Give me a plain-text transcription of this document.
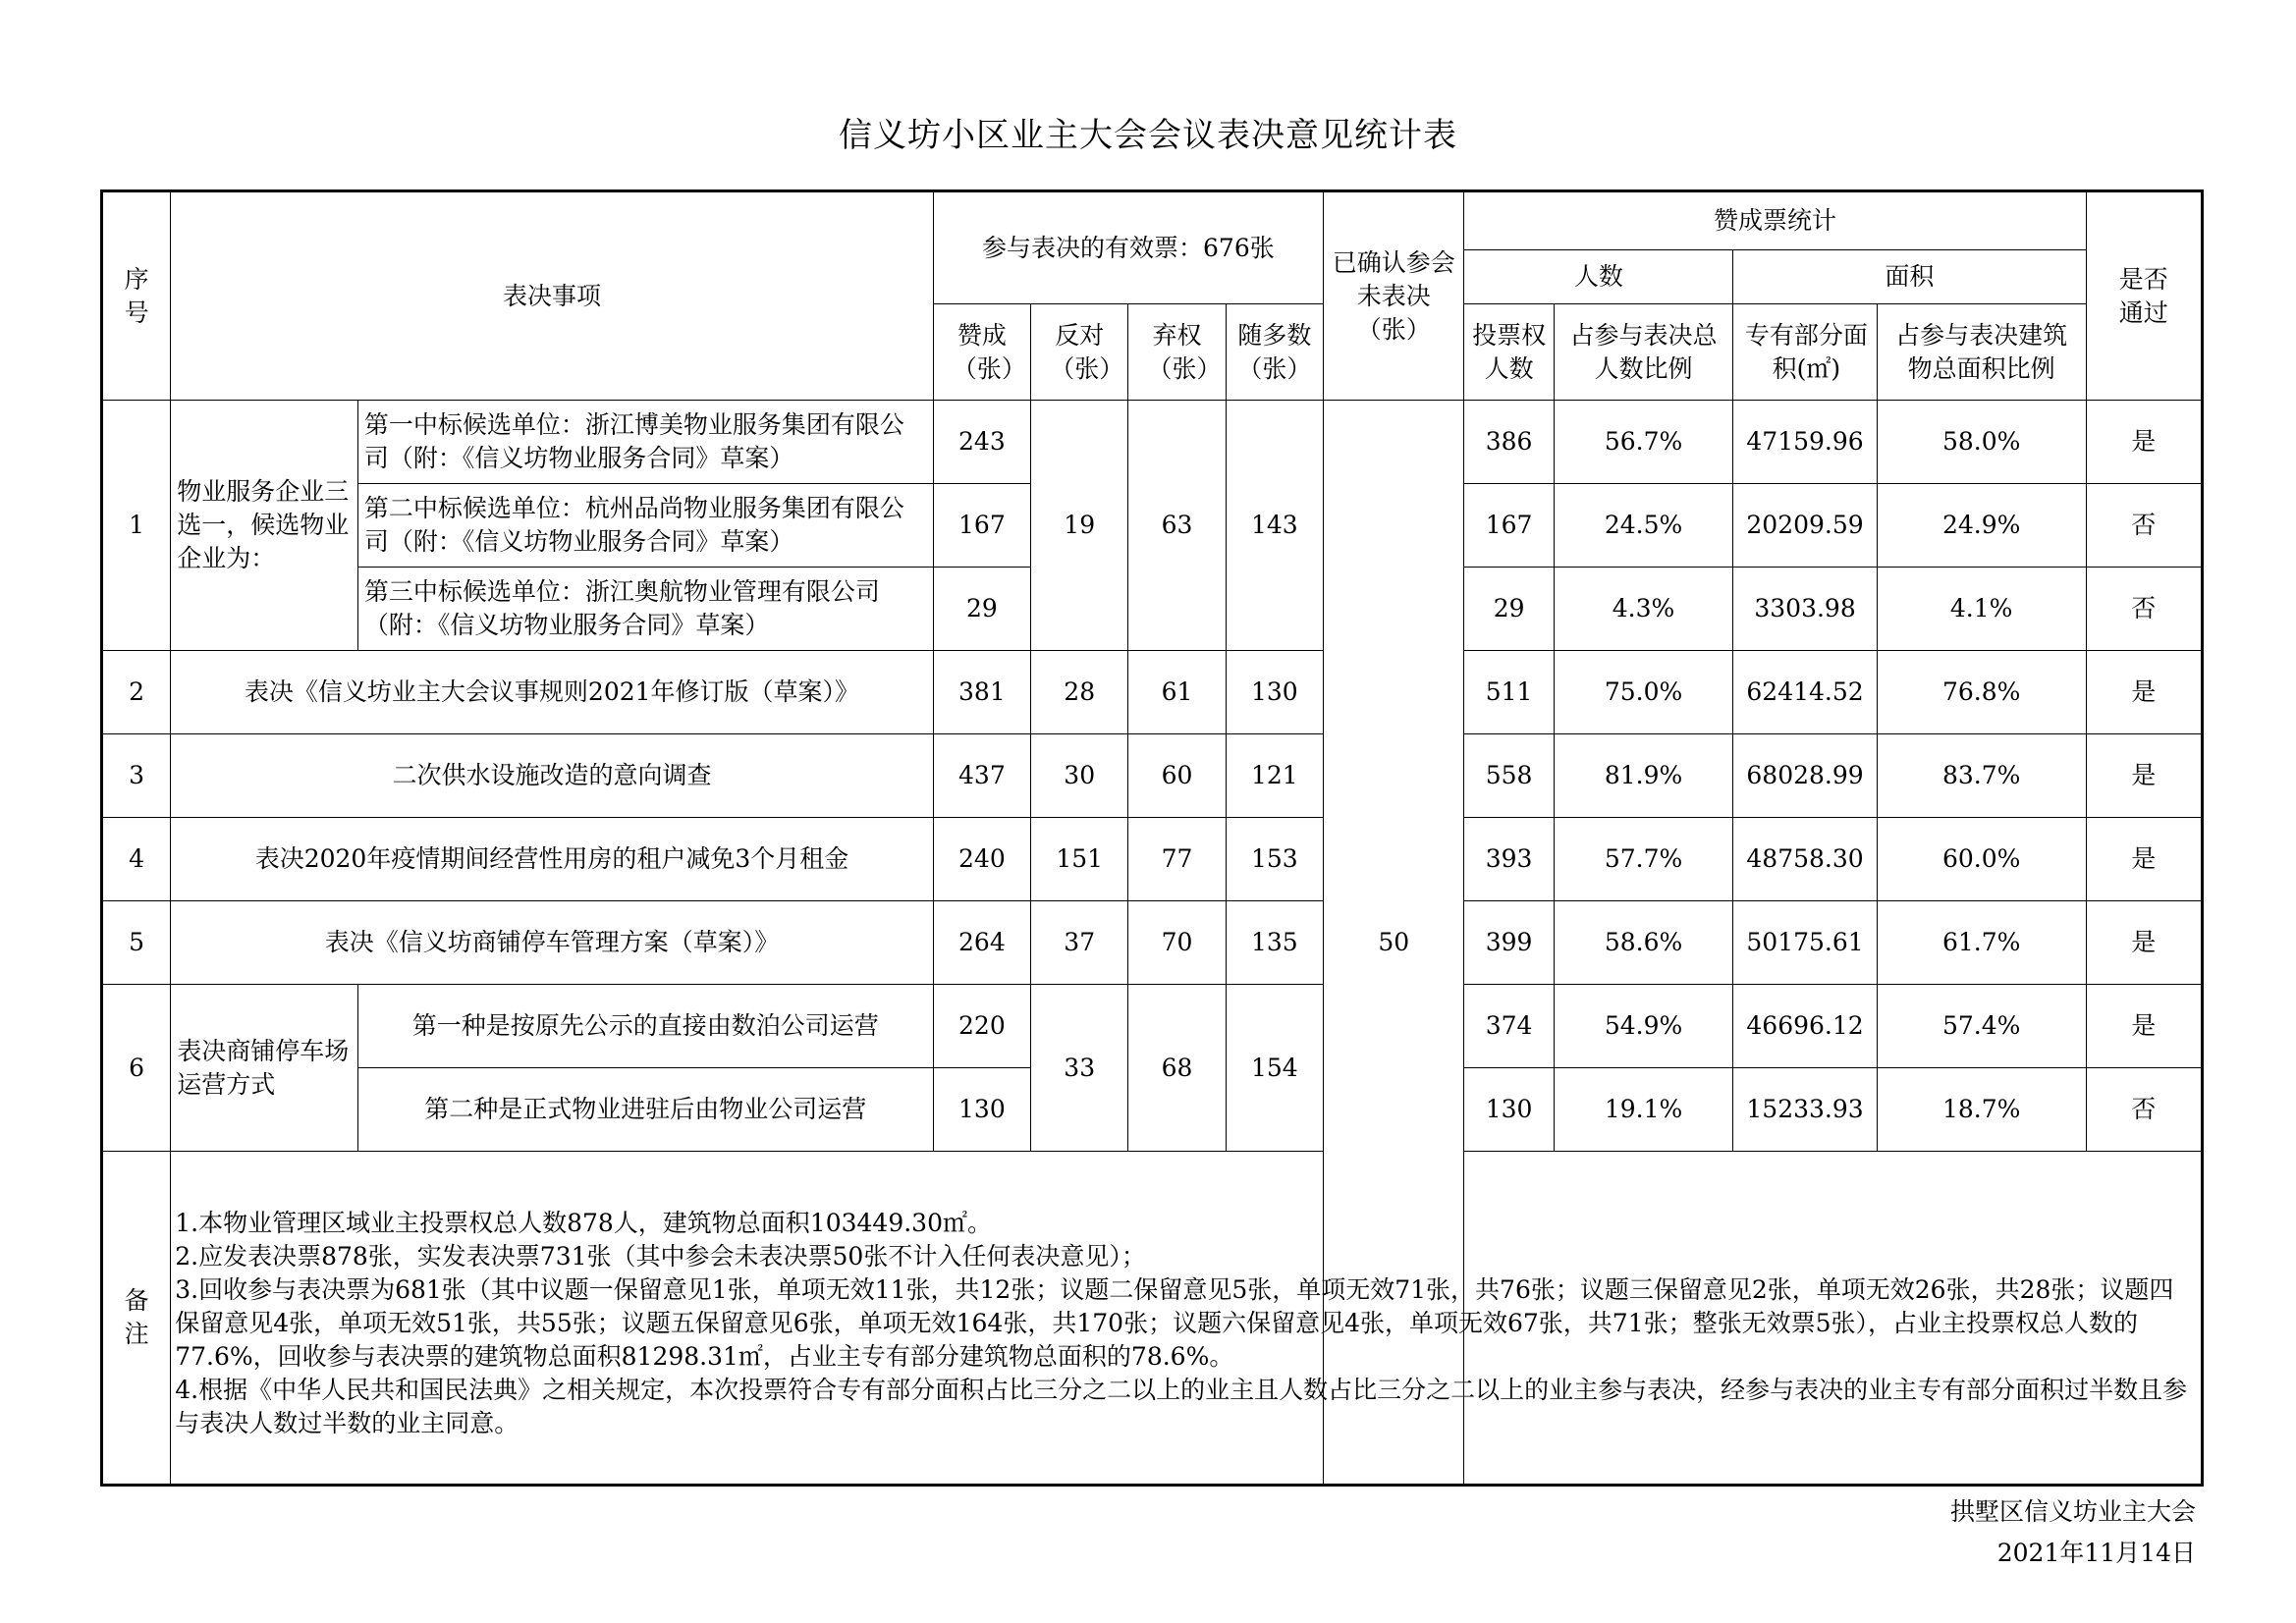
信义坊小区业主大会会议表决意见统计表
序号	表决事项		参与表决的有效票：676张				已确认参会未表决（张）	赞成票统计				是否通过
								人数		面积		
			赞成（张）	反对（张）	弃权（张）	随多数（张）		投票权人数	占参与表决总人数比例	专有部分面积(㎡)	占参与表决建筑物总面积比例	
1	物业服务企业三选一，候选物业企业为：	第一中标候选单位：浙江博美物业服务集团有限公司（附：《信义坊物业服务合同》草案）	243	19	63	143	50	386	56.7%	47159.96	58.0%	是
		第二中标候选单位：杭州品尚物业服务集团有限公司（附：《信义坊物业服务合同》草案）	167					167	24.5%	20209.59	24.9%	否
		第三中标候选单位：浙江奥航物业管理有限公司（附：《信义坊物业服务合同》草案）	29					29	4.3%	3303.98	4.1%	否
2	表决《信义坊业主大会议事规则2021年修订版（草案）》		381	28	61	130		511	75.0%	62414.52	76.8%	是
3	二次供水设施改造的意向调查		437	30	60	121		558	81.9%	68028.99	83.7%	是
4	表决2020年疫情期间经营性用房的租户减免3个月租金		240	151	77	153		393	57.7%	48758.30	60.0%	是
5	表决《信义坊商铺停车管理方案（草案）》		264	37	70	135		399	58.6%	50175.61	61.7%	是
6	表决商铺停车场运营方式	第一种是按原先公示的直接由数泊公司运营	220	33	68	154		374	54.9%	46696.12	57.4%	是
		第二种是正式物业进驻后由物业公司运营	130					130	19.1%	15233.93	18.7%	否
备注	1.本物业管理区域业主投票权总人数878人，建筑物总面积103449.30㎡。
2.应发表决票878张，实发表决票731张（其中参会未表决票50张不计入任何表决意见）；
3.回收参与表决票为681张（其中议题一保留意见1张，单项无效11张，共12张；议题二保留意见5张，单项无效71张，共76张；议题三保留意见2张，单项无效26张，共28张；议题四保留意见4张，单项无效51张，共55张；议题五保留意见6张，单项无效164张，共170张；议题六保留意见4张，单项无效67张，共71张；整张无效票5张），占业主投票权总人数的77.6%，回收参与表决票的建筑物总面积81298.31㎡，占业主专有部分建筑物总面积的78.6%。
4.根据《中华人民共和国民法典》之相关规定，本次投票符合专有部分面积占比三分之二以上的业主且人数占比三分之二以上的业主参与表决，经参与表决的业主专有部分面积过半数且参与表决人数过半数的业主同意。											
拱墅区信义坊业主大会
2021年11月14日
